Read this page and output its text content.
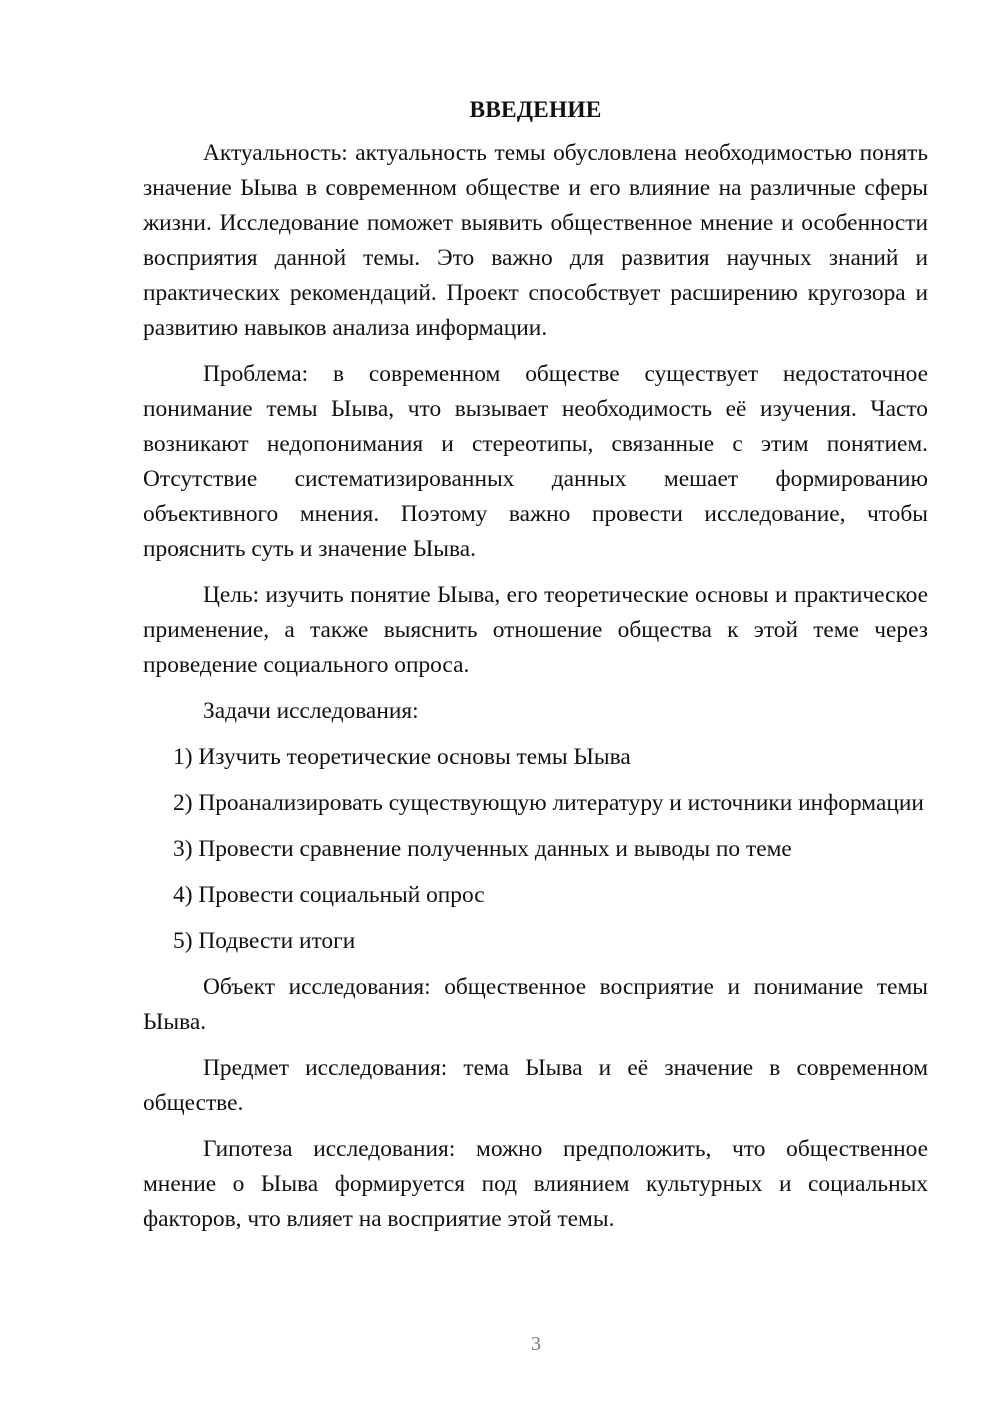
ВВЕДЕНИЕ

Актуальность: актуальность темы обусловлена необходимостью понять значение Ыыва в современном обществе и его влияние на различные сферы жизни. Исследование поможет выявить общественное мнение и особенности восприятия данной темы. Это важно для развития научных знаний и практических рекомендаций. Проект способствует расширению кругозора и развитию навыков анализа информации.

Проблема: в современном обществе существует недостаточное понимание темы Ыыва, что вызывает необходимость её изучения. Часто возникают недопонимания и стереотипы, связанные с этим понятием. Отсутствие систематизированных данных мешает формированию объективного мнения. Поэтому важно провести исследование, чтобы прояснить суть и значение Ыыва.

Цель: изучить понятие Ыыва, его теоретические основы и практическое применение, а также выяснить отношение общества к этой теме через проведение социального опроса.

Задачи исследования:

1) Изучить теоретические основы темы Ыыва

2) Проанализировать существующую литературу и источники информации

3) Провести сравнение полученных данных и выводы по теме

4) Провести социальный опрос

5) Подвести итоги

Объект исследования: общественное восприятие и понимание темы Ыыва.

Предмет исследования: тема Ыыва и её значение в современном обществе.

Гипотеза исследования: можно предположить, что общественное мнение о Ыыва формируется под влиянием культурных и социальных факторов, что влияет на восприятие этой темы.

3
